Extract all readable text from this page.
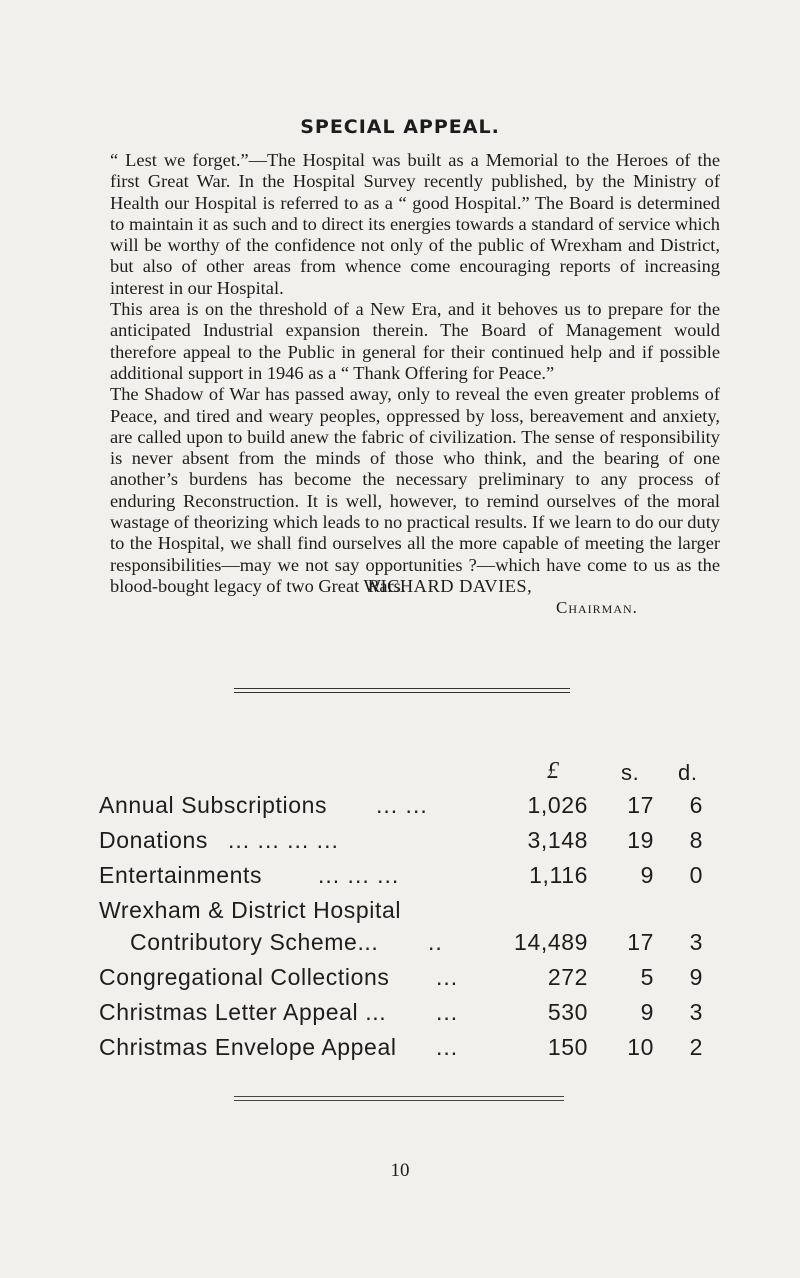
SPECIAL APPEAL.

“ Lest we forget.”—The Hospital was built as a Memorial to the Heroes of the first Great War. In the Hospital Survey recently published, by the Ministry of Health our Hospital is referred to as a “ good Hospital.” The Board is determined to maintain it as such and to direct its energies towards a standard of service which will be worthy of the confidence not only of the public of Wrexham and District, but also of other areas from whence come encouraging reports of increasing interest in our Hospital.

This area is on the threshold of a New Era, and it behoves us to prepare for the anticipated Industrial expansion therein. The Board of Management would therefore appeal to the Public in general for their continued help and if possible additional support in 1946 as a “ Thank Offering for Peace.”

The Shadow of War has passed away, only to reveal the even greater problems of Peace, and tired and weary peoples, oppressed by loss, bereavement and anxiety, are called upon to build anew the fabric of civilization. The sense of responsibility is never absent from the minds of those who think, and the bearing of one another’s burdens has become the necessary preliminary to any process of enduring Reconstruction. It is well, however, to remind ourselves of the moral wastage of theorizing which leads to no practical results. If we learn to do our duty to the Hospital, we shall find ourselves all the more capable of meeting the larger responsibilities—may we not say opportunities ?—which have come to us as the blood-bought legacy of two Great Wars.

RICHARD DAVIES,
Chairman.
£	s. d.
Annual Subscriptions ... ...	1,026 17 6
Donations ... ... ... ...	3,148 19 8
Entertainments ... ... ...	1,116 9 0
Wrexham & District Hospital
Contributory Scheme... ..	14,489 17 3
Congregational Collections ...	272 5 9
Christmas Letter Appeal ... ...	530 9 3
Christmas Envelope Appeal ...	150 10 2
10
